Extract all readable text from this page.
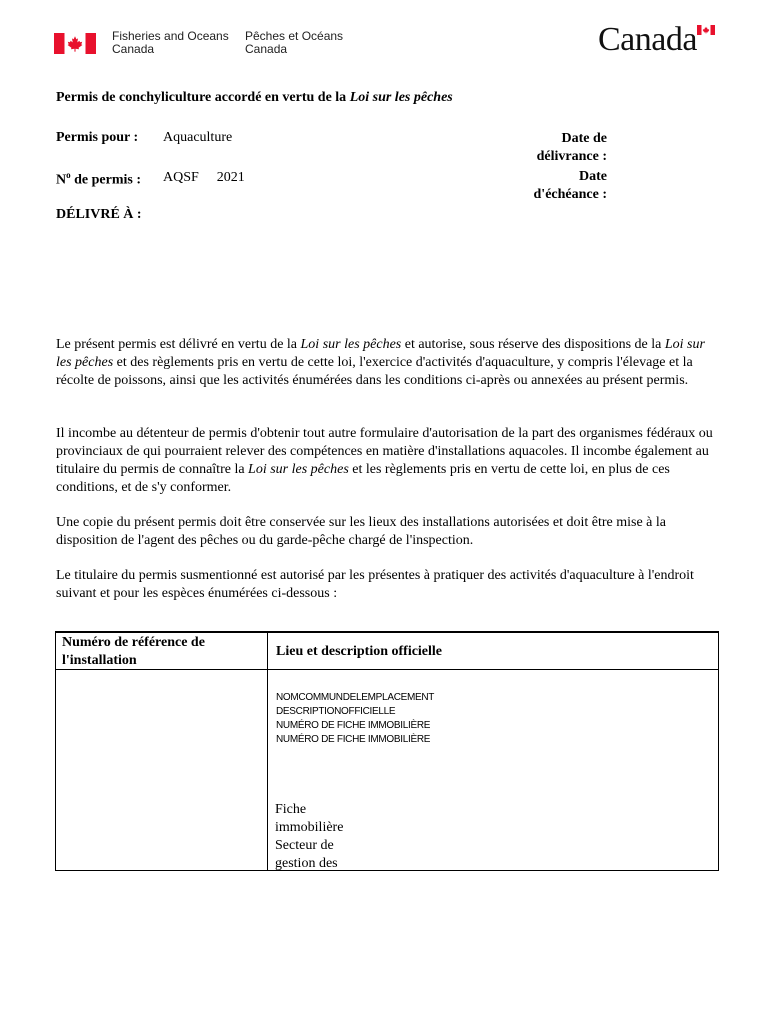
Fisheries and Oceans
Canada
Pêches et Océans
Canada	Canada
Permis de conchyliculture accordé en vertu de la Loi sur les pêches
Permis pour : Aquaculture
$N^o$ de permis : AQSF 2021
DÉLIVRÉ À :
Date de
délivrance :
Date
d'échéance :

Le présent permis est délivré en vertu de la Loi sur les pêches et autorise, sous réserve des dispositions de la Loi sur les pêches et des règlements pris en vertu de cette loi, l'exercice d'activités d'aquaculture, y compris l'élevage et la récolte de poissons, ainsi que les activités énumérées dans les conditions ci-après ou annexées au présent permis.

Il incombe au détenteur de permis d'obtenir tout autre formulaire d'autorisation de la part des organismes fédéraux ou provinciaux de qui pourraient relever des compétences en matière d'installations aquacoles. Il incombe également au titulaire du permis de connaître la Loi sur les pêches et les règlements pris en vertu de cette loi, en plus de ces conditions, et de s'y conformer.

Une copie du présent permis doit être conservée sur les lieux des installations autorisées et doit être mise à la disposition de l'agent des pêches ou du garde-pêche chargé de l'inspection.

Le titulaire du permis susmentionné est autorisé par les présentes à pratiquer des activités d'aquaculture à l'endroit suivant et pour les espèces énumérées ci-dessous :

Numéro de référence de l'installation
Lieu et description officielle
NOMCOMMUNDELEMPLACEMENT
DESCRIPTIONOFFICIELLE
NUMÉRO DE FICHE IMMOBILIÈRE
NUMÉRO DE FICHE IMMOBILIÈRE
Fiche
immobilière
Secteur de
gestion des
